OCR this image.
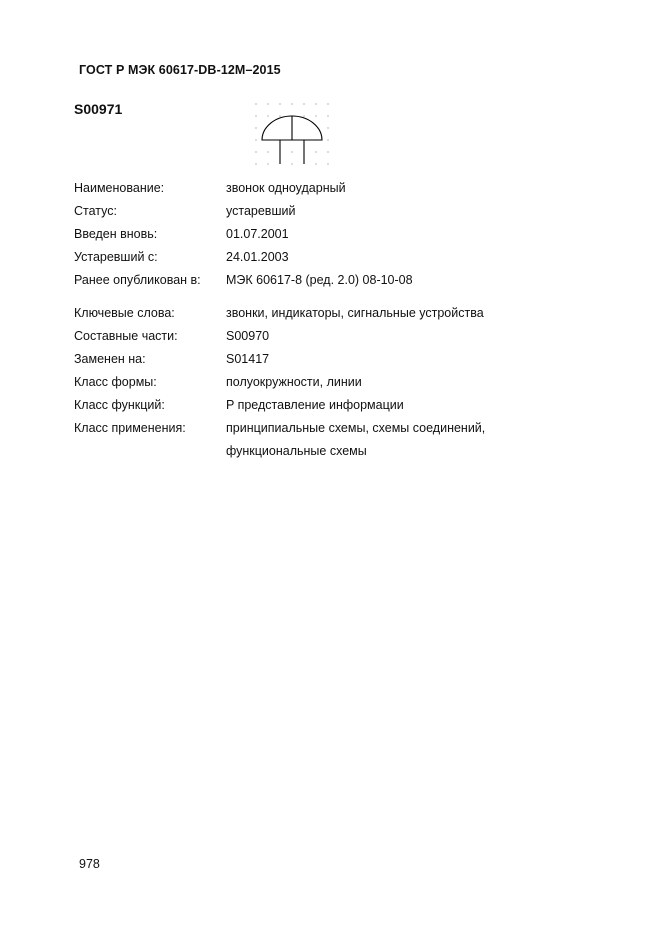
ГОСТ Р МЭК 60617-DB-12M–2015
S00971
Наименование:	звонок одноударный
Статус:	устаревший
Введен вновь:	01.07.2001
Устаревший с:	24.01.2003
Ранее опубликован в: МЭК 60617-8 (ред. 2.0) 08-10-08
Ключевые слова:	звонки, индикаторы, сигнальные устройства
Составные части:	S00970
Заменен на:	S01417
Класс формы:	полуокружности, линии
Класс функций:	P представление информации
Класс применения:	принципиальные схемы, схемы соединений,
функциональные схемы
978
